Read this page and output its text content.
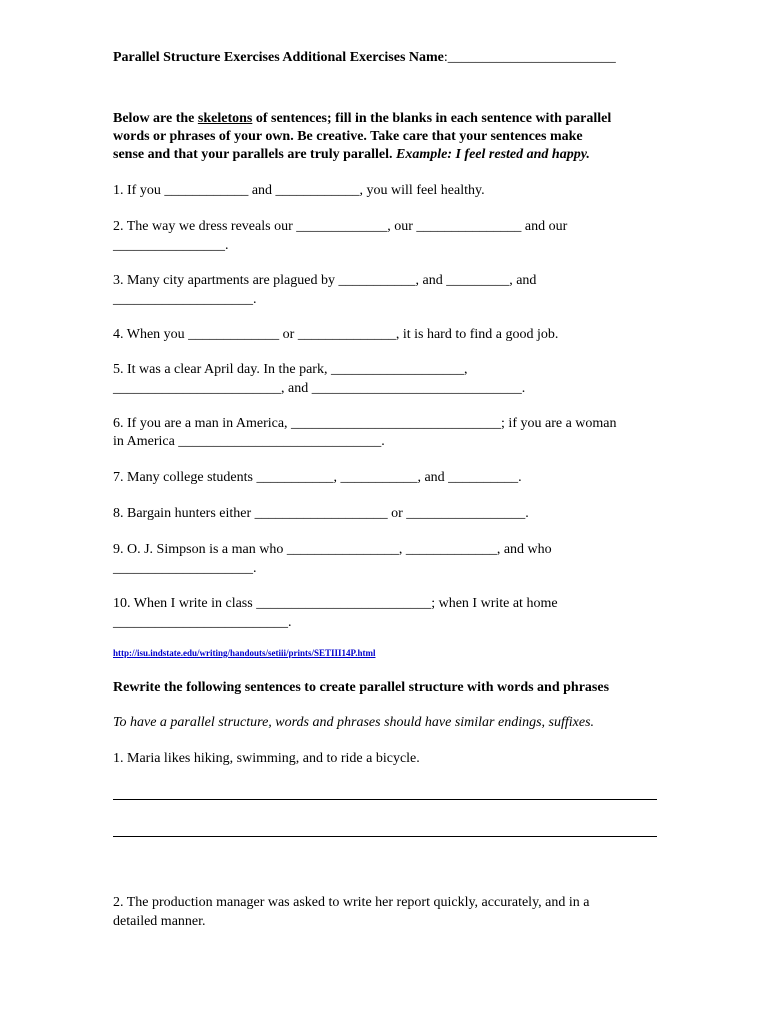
Parallel Structure Exercises Additional Exercises Name:________________________
Below are the skeletons of sentences; fill in the blanks in each sentence with parallel
words or phrases of your own. Be creative. Take care that your sentences make
sense and that your parallels are truly parallel. Example: I feel rested and happy.
1. If you ____________ and ____________, you will feel healthy.
2. The way we dress reveals our _____________, our _______________ and our
________________.
3. Many city apartments are plagued by ___________, and _________, and
____________________.
4. When you _____________ or ______________, it is hard to find a good job.
5. It was a clear April day. In the park, ___________________,
________________________, and ______________________________.
6. If you are a man in America, ______________________________; if you are a woman
in America _____________________________.
7. Many college students ___________, ___________, and __________.
8. Bargain hunters either ___________________ or _________________.
9. O. J. Simpson is a man who ________________, _____________, and who
____________________.
10. When I write in class _________________________; when I write at home
_________________________.
http://isu.indstate.edu/writing/handouts/setiii/prints/SETIII14P.html
Rewrite the following sentences to create parallel structure with words and phrases
To have a parallel structure, words and phrases should have similar endings, suffixes.
1. Maria likes hiking, swimming, and to ride a bicycle.
2. The production manager was asked to write her report quickly, accurately, and in a
detailed manner.
